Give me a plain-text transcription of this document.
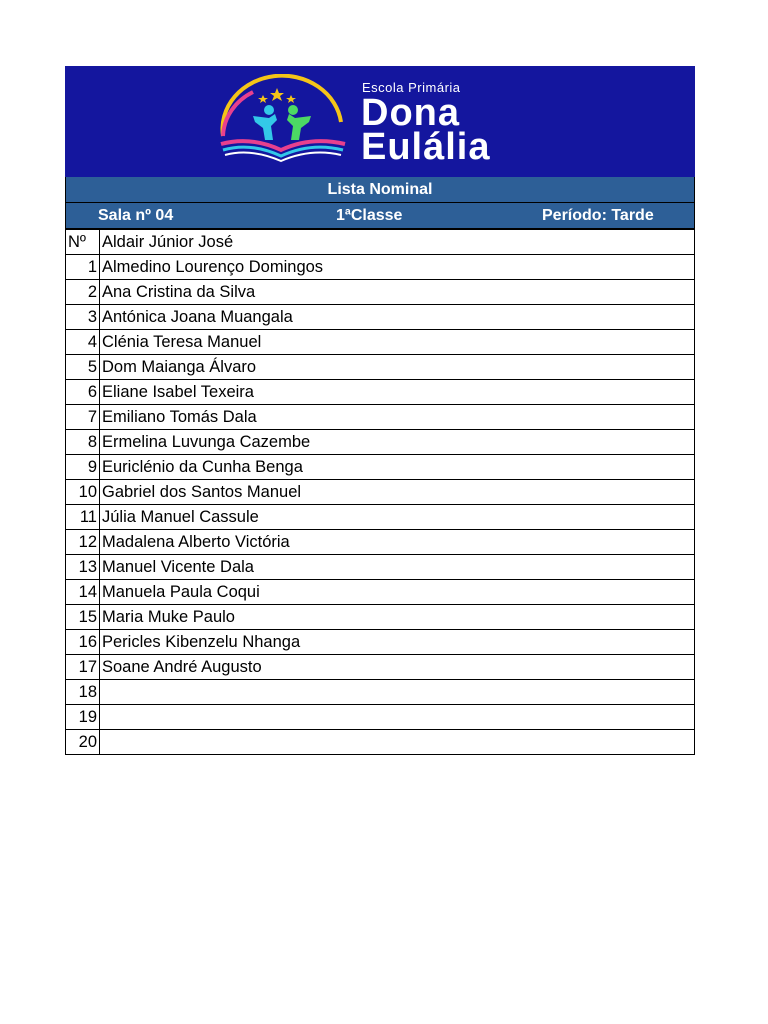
Escola Primária
Dona
Eulália
Lista Nominal
Sala nº 04	1ªClasse	Período: Tarde
Nº	Aldair Júnior José
1	Almedino Lourenço Domingos
2	Ana Cristina da Silva
3	Antónica Joana Muangala
4	Clénia Teresa Manuel
5	Dom Maianga Álvaro
6	Eliane Isabel Texeira
7	Emiliano Tomás Dala
8	Ermelina Luvunga Cazembe
9	Euriclénio da Cunha Benga
10	Gabriel dos Santos Manuel
11	Júlia Manuel Cassule
12	Madalena Alberto Victória
13	Manuel Vicente Dala
14	Manuela Paula Coqui
15	Maria Muke Paulo
16	Pericles Kibenzelu Nhanga
17	Soane André Augusto
18	
19	
20	
